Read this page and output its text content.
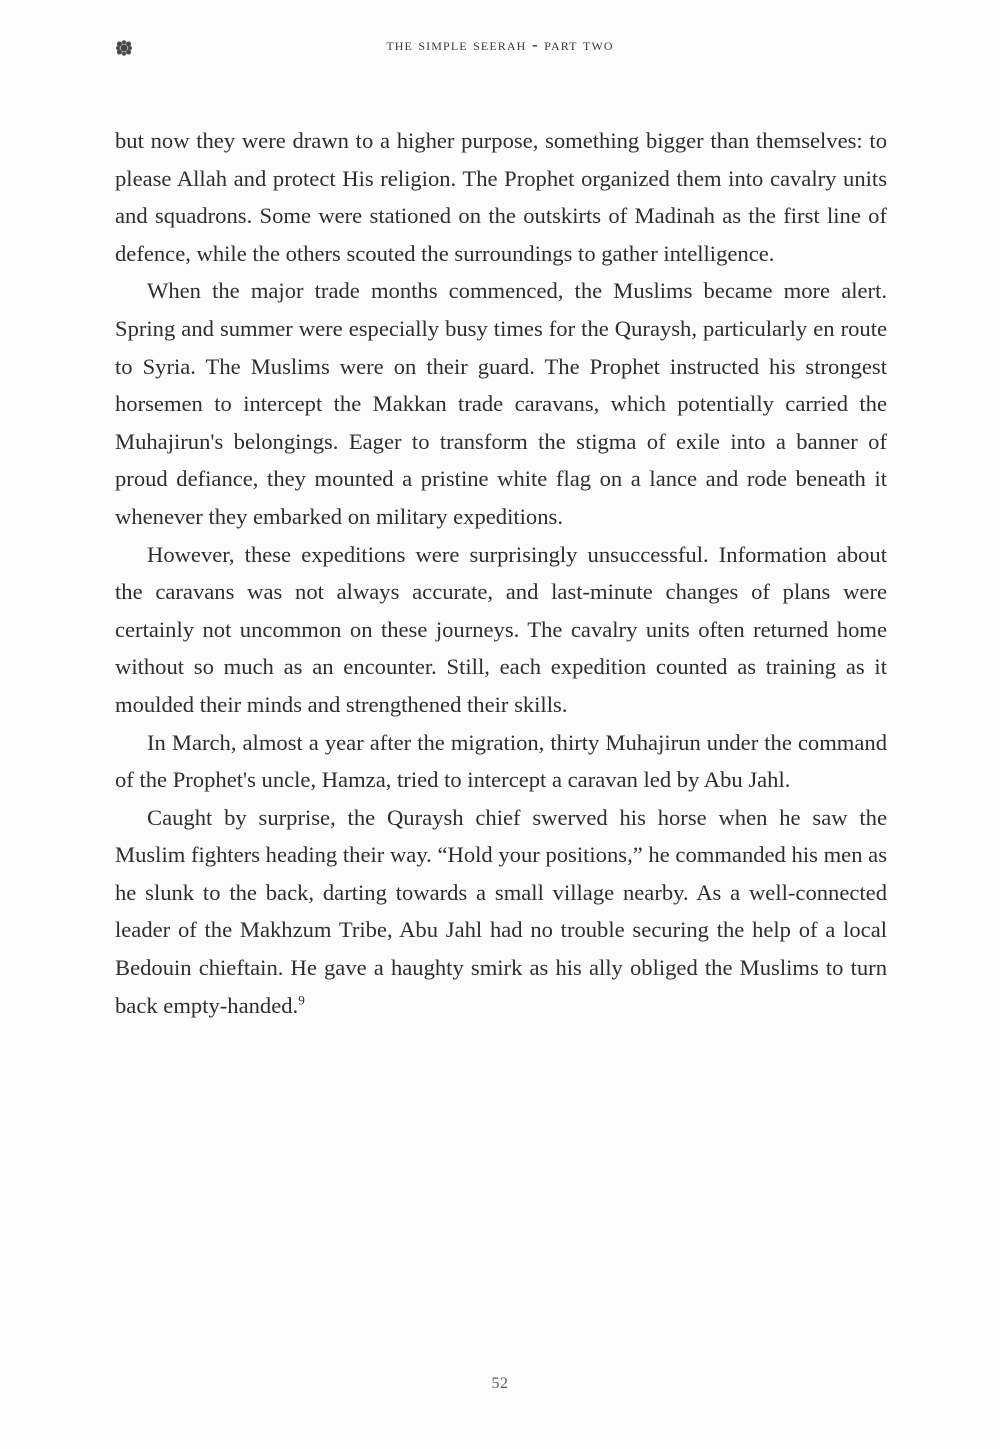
the simple seerah - part two

but now they were drawn to a higher purpose, something bigger than themselves: to please Allah and protect His religion. The Prophet organized them into cavalry units and squadrons. Some were stationed on the outskirts of Madinah as the first line of defence, while the others scouted the surroundings to gather intelligence.

When the major trade months commenced, the Muslims became more alert. Spring and summer were especially busy times for the Quraysh, particularly en route to Syria. The Muslims were on their guard. The Prophet instructed his strongest horsemen to intercept the Makkan trade caravans, which potentially carried the Muhajirun's belongings. Eager to transform the stigma of exile into a banner of proud defiance, they mounted a pristine white flag on a lance and rode beneath it whenever they embarked on military expeditions.

However, these expeditions were surprisingly unsuccessful. Information about the caravans was not always accurate, and last-minute changes of plans were certainly not uncommon on these journeys. The cavalry units often returned home without so much as an encounter. Still, each expedition counted as training as it moulded their minds and strengthened their skills.

In March, almost a year after the migration, thirty Muhajirun under the command of the Prophet's uncle, Hamza, tried to intercept a caravan led by Abu Jahl.

Caught by surprise, the Quraysh chief swerved his horse when he saw the Muslim fighters heading their way. “Hold your positions,” he commanded his men as he slunk to the back, darting towards a small village nearby. As a well-connected leader of the Makhzum Tribe, Abu Jahl had no trouble securing the help of a local Bedouin chieftain. He gave a haughty smirk as his ally obliged the Muslims to turn back empty-handed.$^9$

52
